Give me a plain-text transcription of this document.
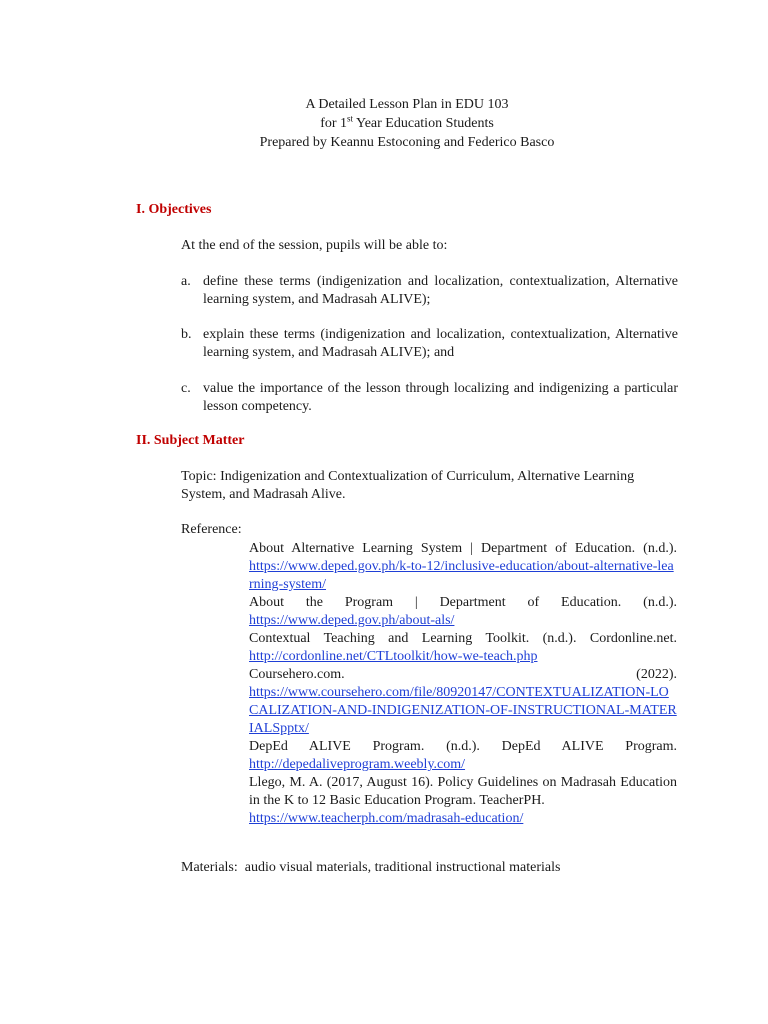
A Detailed Lesson Plan in EDU 103
for 1st Year Education Students
Prepared by Keannu Estoconing and Federico Basco
I. Objectives
At the end of the session, pupils will be able to:
a. define these terms (indigenization and localization, contextualization, Alternative learning system, and Madrasah ALIVE);
b. explain these terms (indigenization and localization, contextualization, Alternative learning system, and Madrasah ALIVE); and
c. value the importance of the lesson through localizing and indigenizing a particular lesson competency.
II. Subject Matter
Topic: Indigenization and Contextualization of Curriculum, Alternative Learning System, and Madrasah Alive.
Reference:
About Alternative Learning System | Department of Education. (n.d.).
https://www.deped.gov.ph/k-to-12/inclusive-education/about-alternative-learning-system/
About the Program | Department of Education. (n.d.).
https://www.deped.gov.ph/about-als/
Contextual Teaching and Learning Toolkit. (n.d.). Cordonline.net.
http://cordonline.net/CTLtoolkit/how-we-teach.php
Coursehero.com. (2022).
https://www.coursehero.com/file/80920147/CONTEXTUALIZATION-LOCALIZATION-AND-INDIGENIZATION-OF-INSTRUCTIONAL-MATERIALSpptx/
DepEd ALIVE Program. (n.d.). DepEd ALIVE Program.
http://depedaliveprogram.weebly.com/
Llego, M. A. (2017, August 16). Policy Guidelines on Madrasah Education in the K to 12 Basic Education Program. TeacherPH.
https://www.teacherph.com/madrasah-education/
Materials: audio visual materials, traditional instructional materials
